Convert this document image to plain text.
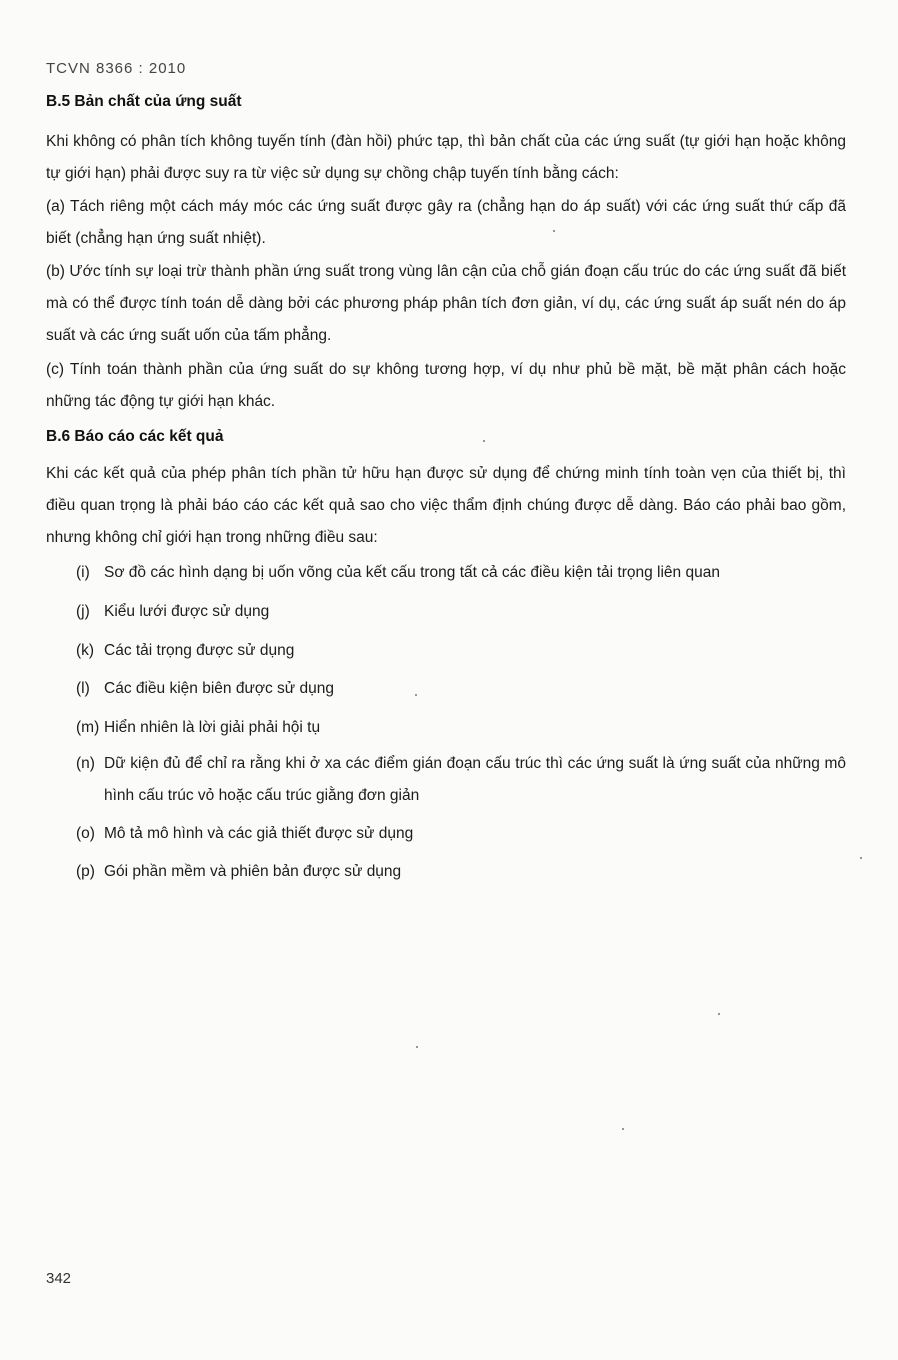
TCVN 8366 : 2010
B.5 Bản chất của ứng suất
Khi không có phân tích không tuyến tính (đàn hồi) phức tạp, thì bản chất của các ứng suất (tự giới hạn hoặc không tự giới hạn) phải được suy ra từ việc sử dụng sự chồng chập tuyến tính bằng cách:
(a) Tách riêng một cách máy móc các ứng suất được gây ra (chẳng hạn do áp suất) với các ứng suất thứ cấp đã biết (chẳng hạn ứng suất nhiệt).
(b) Ước tính sự loại trừ thành phần ứng suất trong vùng lân cận của chỗ gián đoạn cấu trúc do các ứng suất đã biết mà có thể được tính toán dễ dàng bởi các phương pháp phân tích đơn giản, ví dụ, các ứng suất áp suất nén do áp suất và các ứng suất uốn của tấm phẳng.
(c) Tính toán thành phần của ứng suất do sự không tương hợp, ví dụ như phủ bề mặt, bề mặt phân cách hoặc những tác động tự giới hạn khác.
B.6 Báo cáo các kết quả
Khi các kết quả của phép phân tích phần tử hữu hạn được sử dụng để chứng minh tính toàn vẹn của thiết bị, thì điều quan trọng là phải báo cáo các kết quả sao cho việc thẩm định chúng được dễ dàng. Báo cáo phải bao gồm, nhưng không chỉ giới hạn trong những điều sau:
(i) Sơ đồ các hình dạng bị uốn võng của kết cấu trong tất cả các điều kiện tải trọng liên quan
(j) Kiểu lưới được sử dụng
(k) Các tải trọng được sử dụng
(l) Các điều kiện biên được sử dụng
(m) Hiển nhiên là lời giải phải hội tụ
(n) Dữ kiện đủ để chỉ ra rằng khi ở xa các điểm gián đoạn cấu trúc thì các ứng suất là ứng suất của những mô hình cấu trúc vỏ hoặc cấu trúc giằng đơn giản
(o) Mô tả mô hình và các giả thiết được sử dụng
(p) Gói phần mềm và phiên bản được sử dụng
342
